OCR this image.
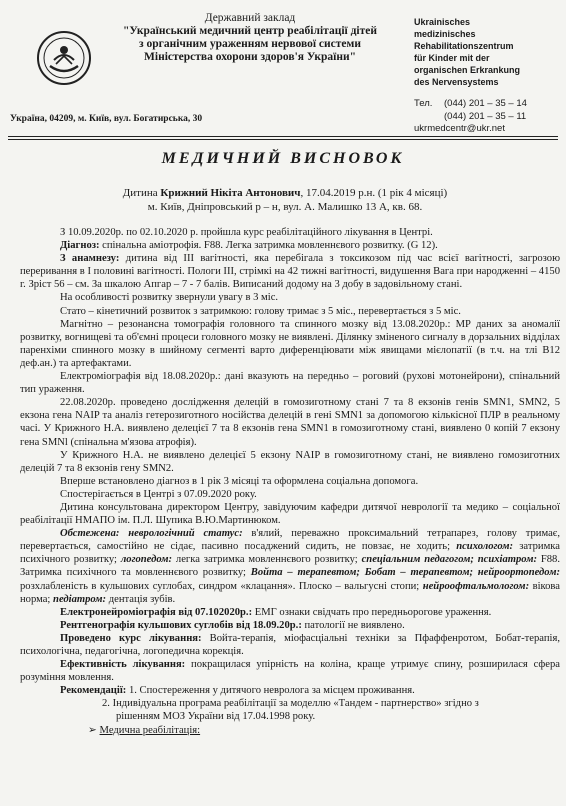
Державний заклад
"Український медичний центр реабілітації дітей
з органічним ураженням нервової системи
Міністерства охорони здоров'я України"
Ukrainisches
medizinisches
Rehabilitationszentrum
für Kinder mit der
organischen Erkrankung
des Nervensystems
Україна, 04209, м. Київ, вул. Богатирська, 30
Тел. (044) 201 – 35 – 14
(044) 201 – 35 – 11
ukrmedcentr@ukr.net
МЕДИЧНИЙ ВИСНОВОК
Дитина Крижний Нікіта Антонович, 17.04.2019 р.н. (1 рік 4 місяці)
м. Київ, Дніпровський р – н, вул. А. Малишко 13 А, кв. 68.

З 10.09.2020р. по 02.10.2020 р. пройшла курс реабілітаційного лікування в Центрі.

Діагноз: спінальна аміотрофія. F88. Легка затримка мовленнєвого розвитку. (G 12).

З анамнезу: дитина від ІІІ вагітності, яка перебігала з токсикозом під час всієї вагітності, загрозою переривання в І половині вагітності. Пологи ІІІ, стрімкі на 42 тижні вагітності, видушення Вага при народженні – 4150 г. Зріст 56 – см. За шкалою Апгар – 7 - 7 балів. Виписаний додому на 3 добу в задовільному стані.

На особливості розвитку звернули увагу в 3 міс.

Стато – кінетичний розвиток з затримкою: голову тримає з 5 міс., перевертається з 5 міс.

Магнітно – резонансна томографія головного та спинного мозку від 13.08.2020р.: МР даних за аномалії розвитку, вогнищеві та об'ємні процеси головного мозку не виявлені. Ділянку зміненого сигналу в дорзальних відділах паренхіми спинного мозку в шийному сегменті варто диференціювати між явищами мієлопатії (в т.ч. на тлі В12 деф.ан.) та артефактами.

Електроміографія від 18.08.2020р.: дані вказують на передньо – роговий (рухові мотонейрони), спінальний тип ураження.

22.08.2020р. проведено дослідження делецій в гомозиготному стані 7 та 8 екзонів генів SMN1, SMN2, 5 екзона гена NAIP та аналіз гетерозиготного носійства делецій в гені SMN1 за допомогою кількісної ПЛР в реальному часі. У Крижного Н.А. виявлено делецієї 7 та 8 екзонів гена SMN1 в гомозиготному стані, виявлено 0 копій 7 екзону гена SMNl (спінальна м'язова атрофія).

У Крижного Н.А. не виявлено делецієї 5 екзону NAIP в гомозиготному стані, не виявлено гомозиготних делецій 7 та 8 екзонів гену SMN2.

Вперше встановлено діагноз в 1 рік 3 місяці та оформлена соціальна допомога.

Спостерігається в Центрі з 07.09.2020 року.

Дитина консультована директором Центру, завідуючим кафедри дитячої неврології та медико – соціальної реабілітації НМАПО ім. П.Л. Шупика В.Ю.Мартинюком.

Обстежена: неврологічний статус: в'ялий, переважно проксимальний тетрапарез, голову тримає, перевертається, самостійно не сідає, пасивно посаджений сидить, не повзає, не ходить; психологом: затримка психічного розвитку; логопедом: легка затримка мовленнєвого розвитку; спеціальним педагогом; психіатром: F88. Затримка психічного та мовленнєвого розвитку; Войта – терапевтом; Бобат – терапевтом; нейроортопедом: розхлабленість в кульшових суглобах, синдром «клацання». Плоско – вальгусні стопи; нейроофтальмологом: вікова норма; педіатром: дентація зубів.

Електронейроміографія від 07.102020р.: ЕМГ ознаки свідчать про передньороговe ураження.

Рентгенографія кульшових суглобів від 18.09.20р.: патології не виявлено.

Проведено курс лікування: Войта-терапія, міофасціальні техніки за Пфаффенротом, Бобат-терапія, психологічна, педагогічна, логопедична корекція.

Ефективність лікування: покращилася упірність на коліна, краще утримує спину, розширилася сфера розуміння мовлення.

Рекомендації: 1. Спостереження у дитячого невролога за місцем проживання.

2. Індивідуальна програма реабілітації за моделлю «Тандем - партнерство» згідно з

рішенням МОЗ України від 17.04.1998 року.

➢ Медична реабілітація:
